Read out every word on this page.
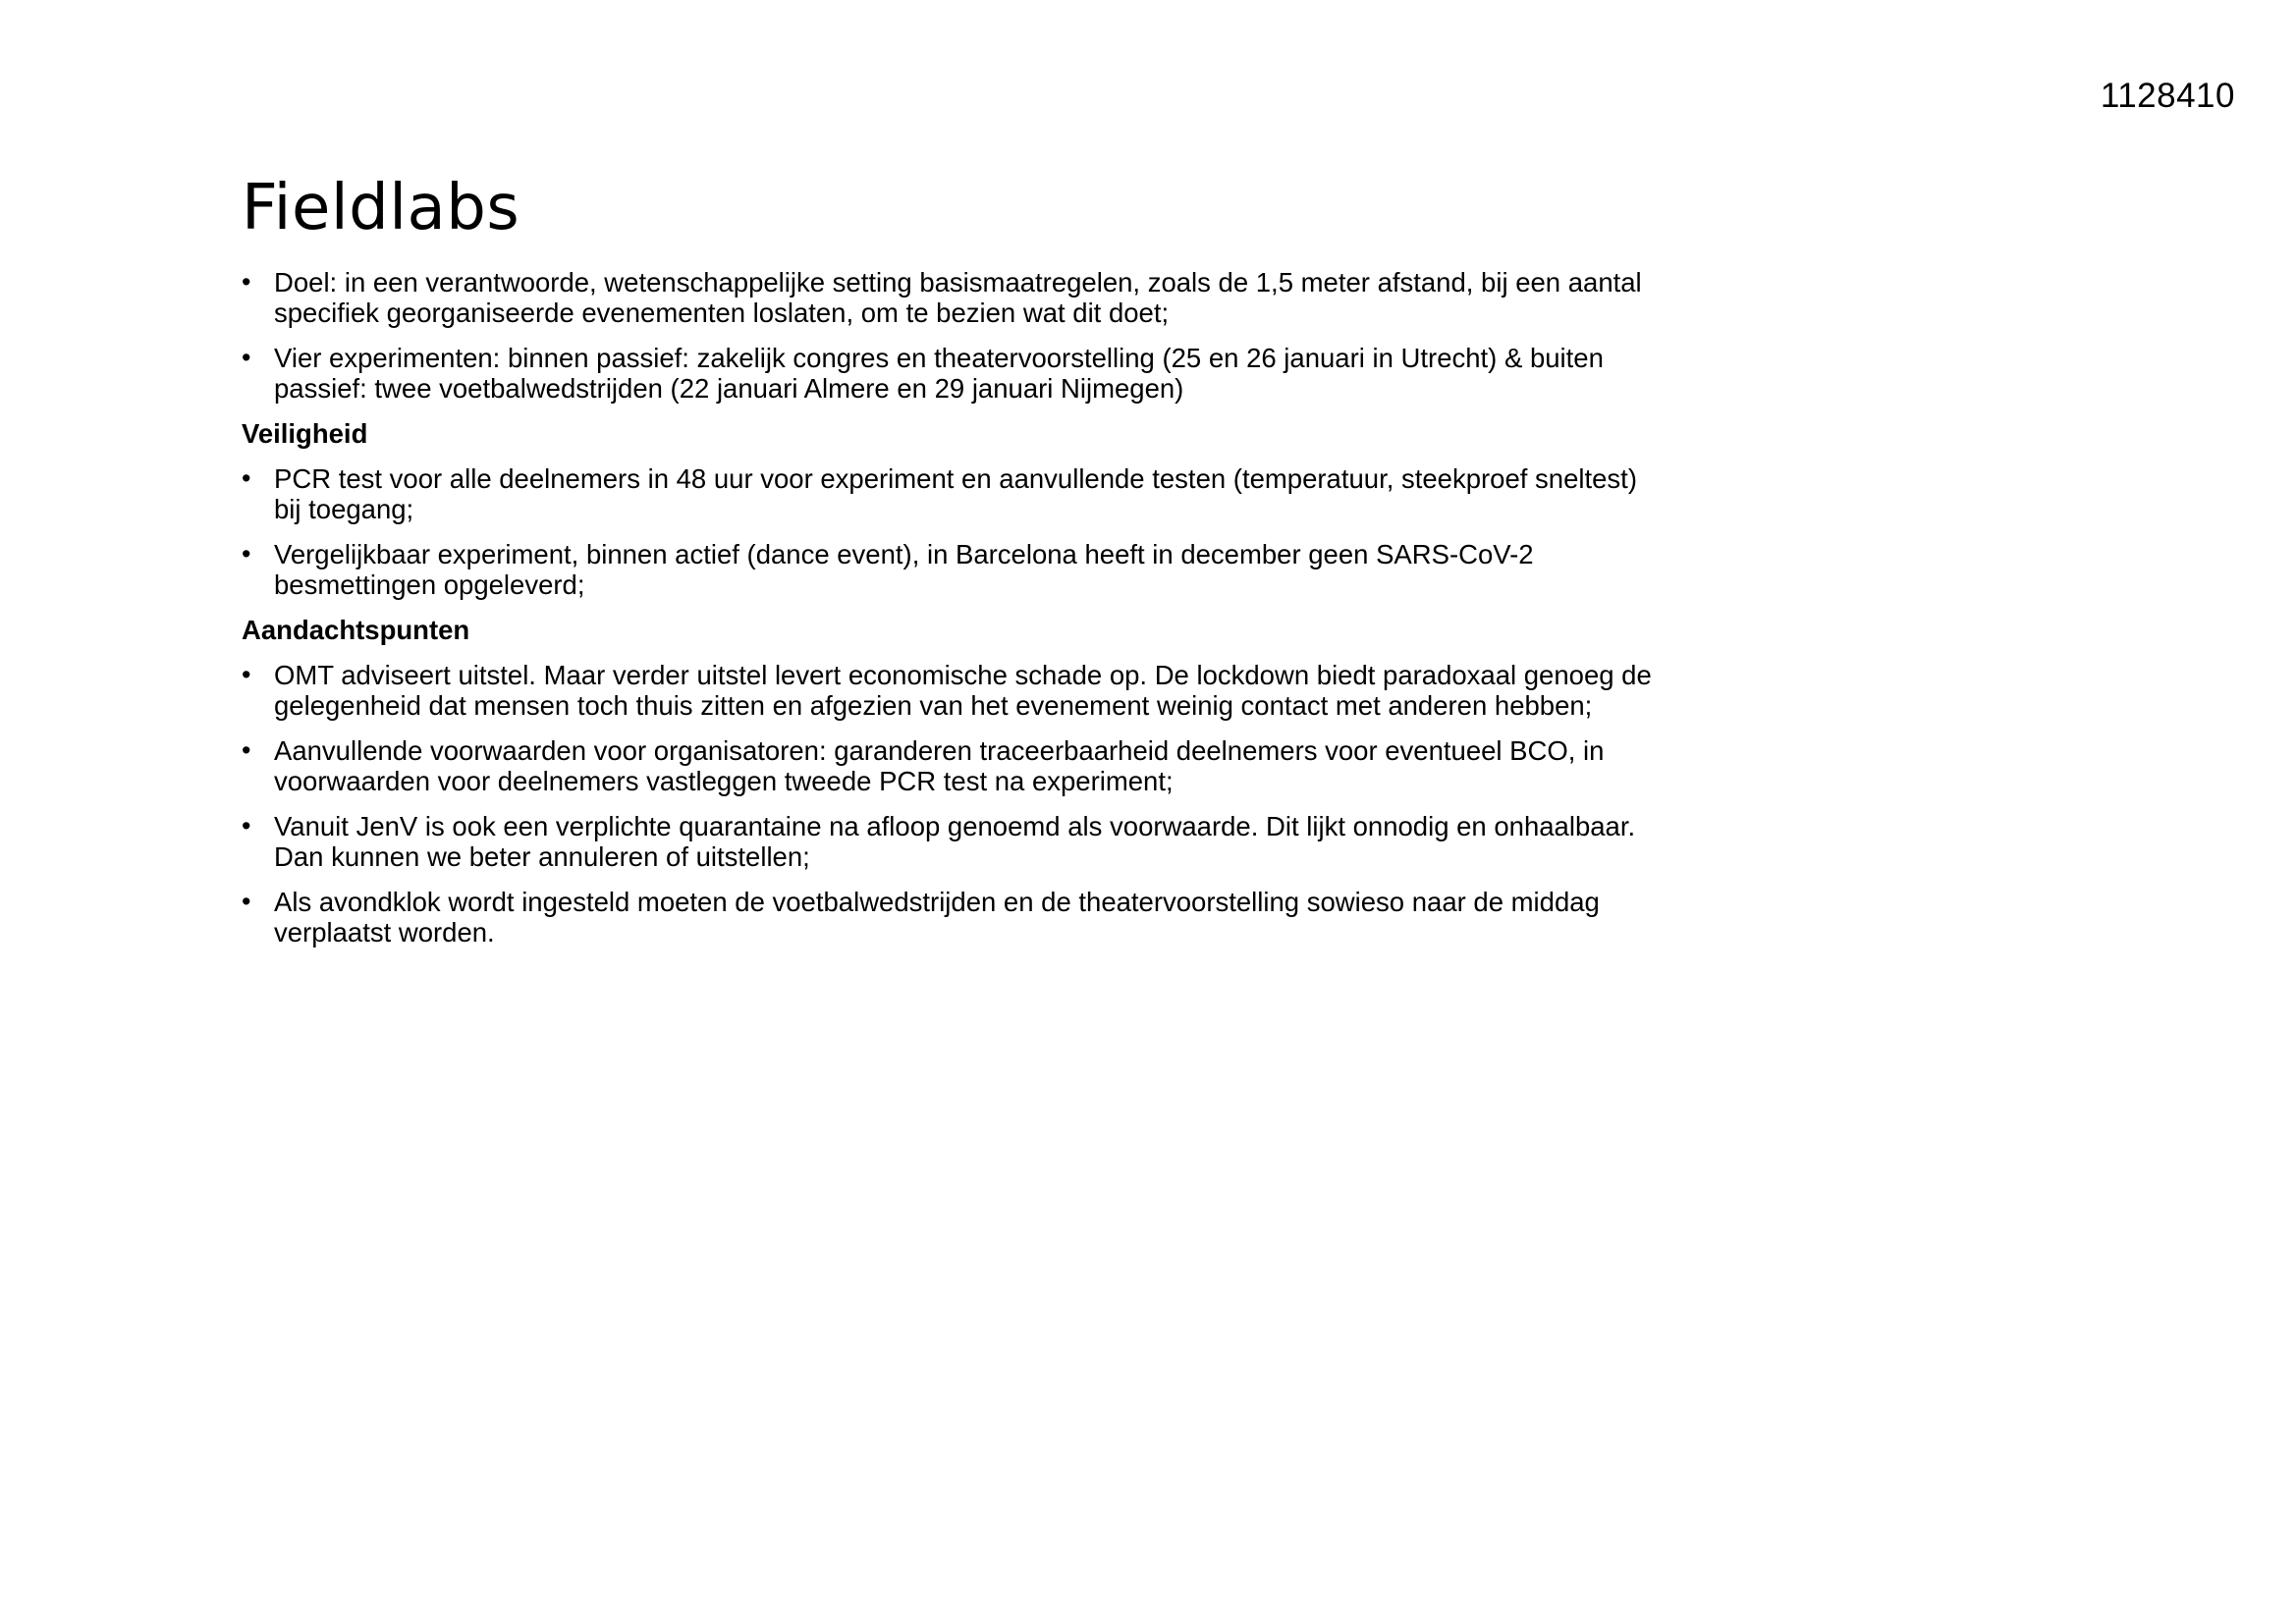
1128410
Fieldlabs
• Doel: in een verantwoorde, wetenschappelijke setting basismaatregelen, zoals de 1,5 meter afstand, bij een aantal specifiek georganiseerde evenementen loslaten, om te bezien wat dit doet;
• Vier experimenten: binnen passief: zakelijk congres en theatervoorstelling (25 en 26 januari in Utrecht) & buiten passief: twee voetbalwedstrijden (22 januari Almere en 29 januari Nijmegen)
Veiligheid
• PCR test voor alle deelnemers in 48 uur voor experiment en aanvullende testen (temperatuur, steekproef sneltest) bij toegang;
• Vergelijkbaar experiment, binnen actief (dance event), in Barcelona heeft in december geen SARS-CoV-2 besmettingen opgeleverd;
Aandachtspunten
• OMT adviseert uitstel. Maar verder uitstel levert economische schade op. De lockdown biedt paradoxaal genoeg de gelegenheid dat mensen toch thuis zitten en afgezien van het evenement weinig contact met anderen hebben;
• Aanvullende voorwaarden voor organisatoren: garanderen traceerbaarheid deelnemers voor eventueel BCO, in voorwaarden voor deelnemers vastleggen tweede PCR test na experiment;
• Vanuit JenV is ook een verplichte quarantaine na afloop genoemd als voorwaarde. Dit lijkt onnodig en onhaalbaar. Dan kunnen we beter annuleren of uitstellen;
• Als avondklok wordt ingesteld moeten de voetbalwedstrijden en de theatervoorstelling sowieso naar de middag verplaatst worden.
